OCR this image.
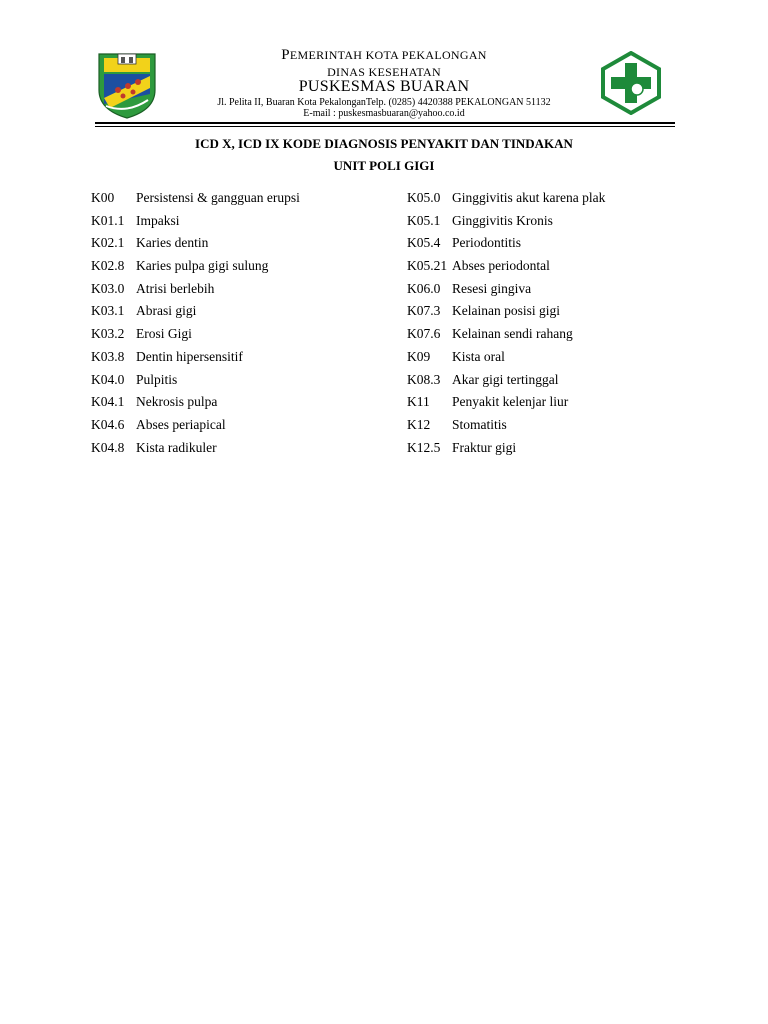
PEMERINTAH KOTA PEKALONGAN
DINAS KESEHATAN
PUSKESMAS BUARAN
Jl. Pelita II, Buaran Kota PekalonganTelp. (0285) 4420388 PEKALONGAN 51132
E-mail : puskesmasbuaran@yahoo.co.id
ICD X, ICD IX KODE DIAGNOSIS PENYAKIT DAN TINDAKAN
UNIT POLI GIGI
K00	Persistensi & gangguan erupsi
K01.1 Impaksi
K02.1 Karies dentin
K02.8 Karies pulpa gigi sulung
K03.0 Atrisi berlebih
K03.1 Abrasi gigi
K03.2 Erosi Gigi
K03.8 Dentin hipersensitif
K04.0 Pulpitis
K04.1 Nekrosis pulpa
K04.6 Abses periapical
K04.8 Kista radikuler
K05.0 Ginggivitis akut karena plak
K05.1 Ginggivitis Kronis
K05.4 Periodontitis
K05.21 Abses periodontal
K06.0 Resesi gingiva
K07.3 Kelainan posisi gigi
K07.6 Kelainan sendi rahang
K09	Kista oral
K08.3 Akar gigi tertinggal
K11	Penyakit kelenjar liur
K12	Stomatitis
K12.5 Fraktur gigi
